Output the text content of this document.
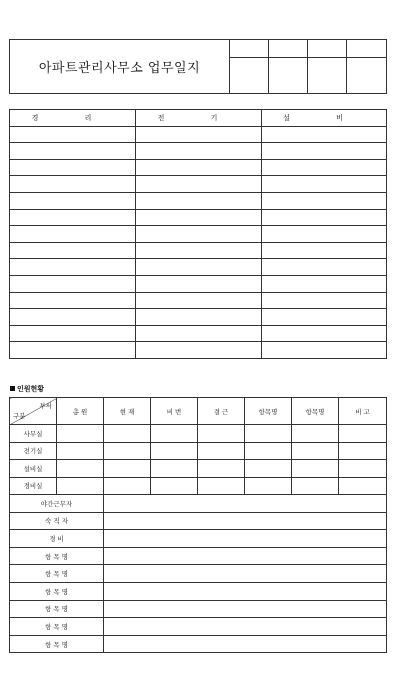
아파트관리사무소 업무일지				

경 리	전 기	설 비

인원현황
부서
구분	총 원	현 재	비 번	결 근	항목명	항목명	비 고
사무실							
전기실							
설비실							
경비실							
야간근무자	
숙 직 자	
경 비	
항 목 명	
항 목 명	
항 목 명	
항 목 명	
항 목 명	
항 목 명	
